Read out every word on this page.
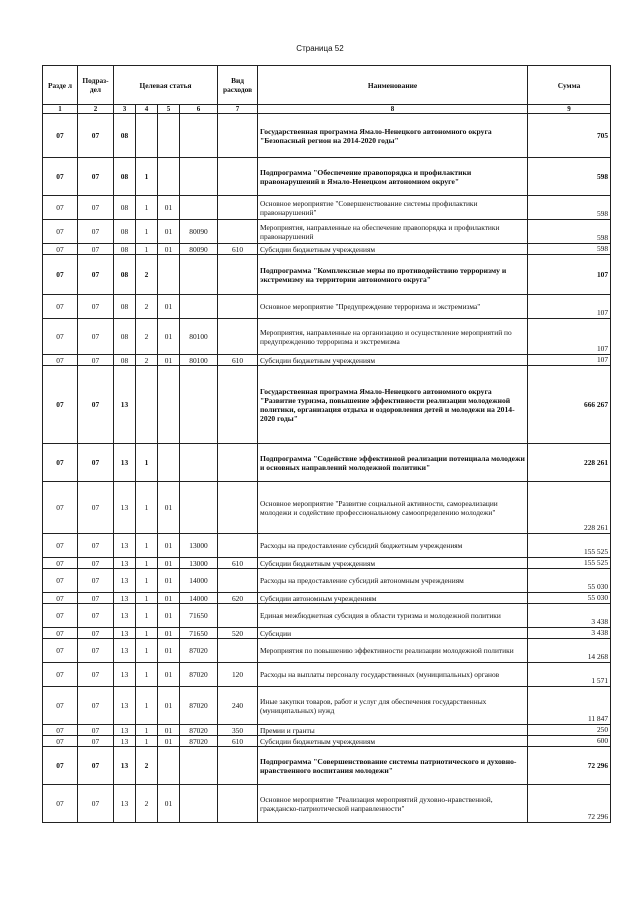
Страница 52
Разде л	Подраз-дел	Целевая статья				Вид расходов	Наименование	Сумма
1	2	3	4	5	6	7	8	9
07	07	08					Государственная программа Ямало-Ненецкого автономного округа "Безопасный регион на 2014-2020 годы"	705
07	07	08	1				Подпрограмма "Обеспечение правопорядка и профилактики правонарушений в Ямало-Ненецком автономном округе"	598
07	07	08	1	01			Основное мероприятие "Совершенствование системы профилактики правонарушений"	598
07	07	08	1	01	80090		Мероприятия, направленные на обеспечение правопорядка и профилактики правонарушений	598
07	07	08	1	01	80090	610	Субсидии бюджетным учреждениям	598
07	07	08	2				Подпрограмма "Комплексные меры по противодействию терроризму и экстремизму на территории автономного округа"	107
07	07	08	2	01			Основное мероприятие "Предупреждение терроризма и экстремизма"	107
07	07	08	2	01	80100		Мероприятия, направленные на организацию и осуществление мероприятий по предупреждению терроризма и экстремизма	107
07	07	08	2	01	80100	610	Субсидии бюджетным учреждениям	107
07	07	13					Государственная программа Ямало-Ненецкого автономного округа "Развитие туризма, повышение эффективности реализации молодежной политики, организация отдыха и оздоровления детей и молодежи на 2014-2020 годы"	666 267
07	07	13	1				Подпрограмма "Содействие эффективной реализации потенциала молодежи и основных направлений молодежной политики"	228 261
07	07	13	1	01			Основное мероприятие "Развитие социальной активности, самореализации молодежи и содействие профессиональному самоопределению молодежи"	228 261
07	07	13	1	01	13000		Расходы на предоставление субсидий бюджетным учреждениям	155 525
07	07	13	1	01	13000	610	Субсидии бюджетным учреждениям	155 525
07	07	13	1	01	14000		Расходы на предоставление субсидий автономным учреждениям	55 030
07	07	13	1	01	14000	620	Субсидии автономным учреждениям	55 030
07	07	13	1	01	71650		Единая межбюджетная субсидия в области туризма и молодежной политики	3 438
07	07	13	1	01	71650	520	Субсидии	3 438
07	07	13	1	01	87020		Мероприятия по повышению эффективности реализации молодежной политики	14 268
07	07	13	1	01	87020	120	Расходы на выплаты персоналу государственных (муниципальных) органов	1 571
07	07	13	1	01	87020	240	Иные закупки товаров, работ и услуг для обеспечения государственных (муниципальных) нужд	11 847
07	07	13	1	01	87020	350	Премии и гранты	250
07	07	13	1	01	87020	610	Субсидии бюджетным учреждениям	600
07	07	13	2				Подпрограмма "Совершенствование системы патриотического и духовно-нравственного воспитания молодежи"	72 296
07	07	13	2	01			Основное мероприятие "Реализация мероприятий духовно-нравственной, гражданско-патриотической направленности"	72 296
